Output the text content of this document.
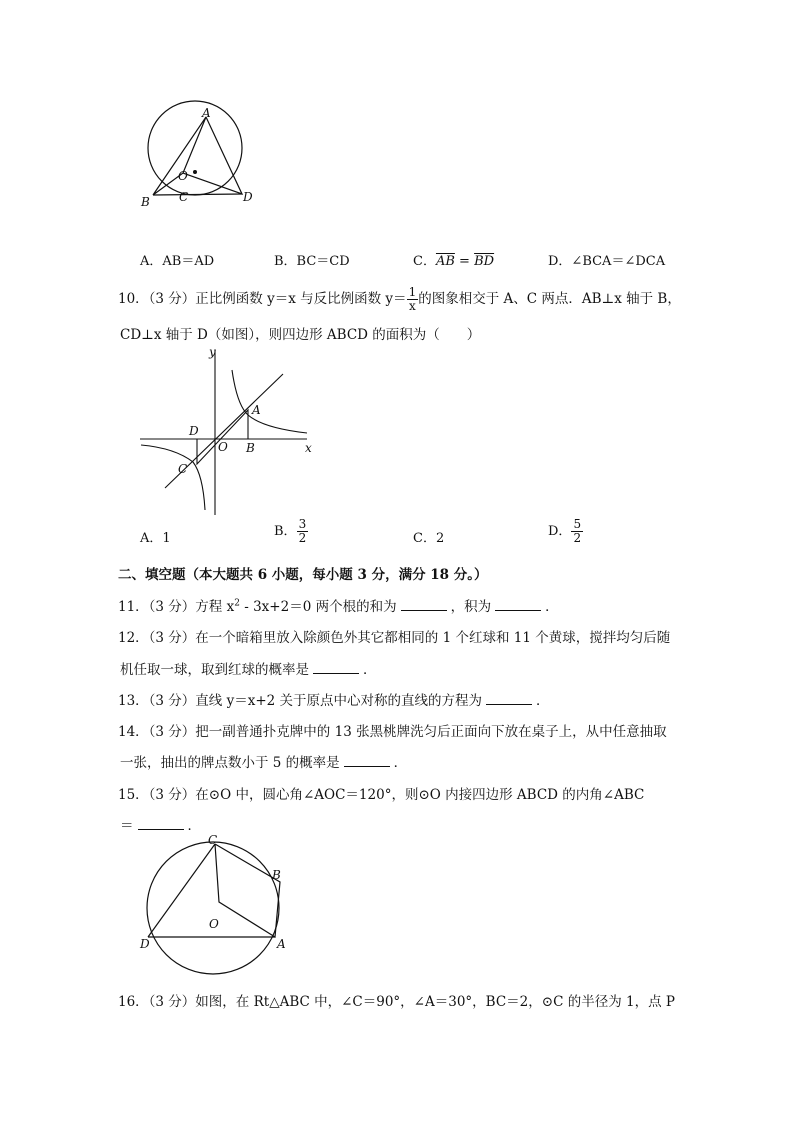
A
O
B C	D
A．AB＝AD	B．BC＝CD	C．$\overline{AB} = \overline{BD}$	D．∠BCA＝∠DCA
10．（3 分）正比例函数 y＝x 与反比例函数 $y= \frac{1}{x}$ 的图象相交于 A、C 两点．AB⊥x 轴于 B，
CD⊥x 轴于 D（如图），则四边形 ABCD 的面积为（　　）
y
x
A
D
O B
C
A．1	B． $\frac{3}{2}$	C．2	D． $\frac{5}{2}$
二、填空题（本大题共 6 小题，每小题 3 分，满分 18 分。）
11．（3 分）方程 $x^2 - 3x+2=0$ 两个根的和为	，积为	．
12．（3 分）在一个暗箱里放入除颜色外其它都相同的 1 个红球和 11 个黄球，搅拌均匀后随
机任取一球，取到红球的概率是	．
13．（3 分）直线 y＝x+2 关于原点中心对称的直线的方程为	．
14．（3 分）把一副普通扑克牌中的 13 张黑桃牌洗匀后正面向下放在桌子上，从中任意抽取
一张，抽出的牌点数小于 5 的概率是	．
15．（3 分）在⊙O 中，圆心角∠AOC＝120°，则⊙O 内接四边形 ABCD 的内角∠ABC
＝	．
C
B
O
D	A
16．（3 分）如图，在 Rt△ABC 中，∠C＝90°，∠A＝30°，BC＝2，⊙C 的半径为 1，点 P
